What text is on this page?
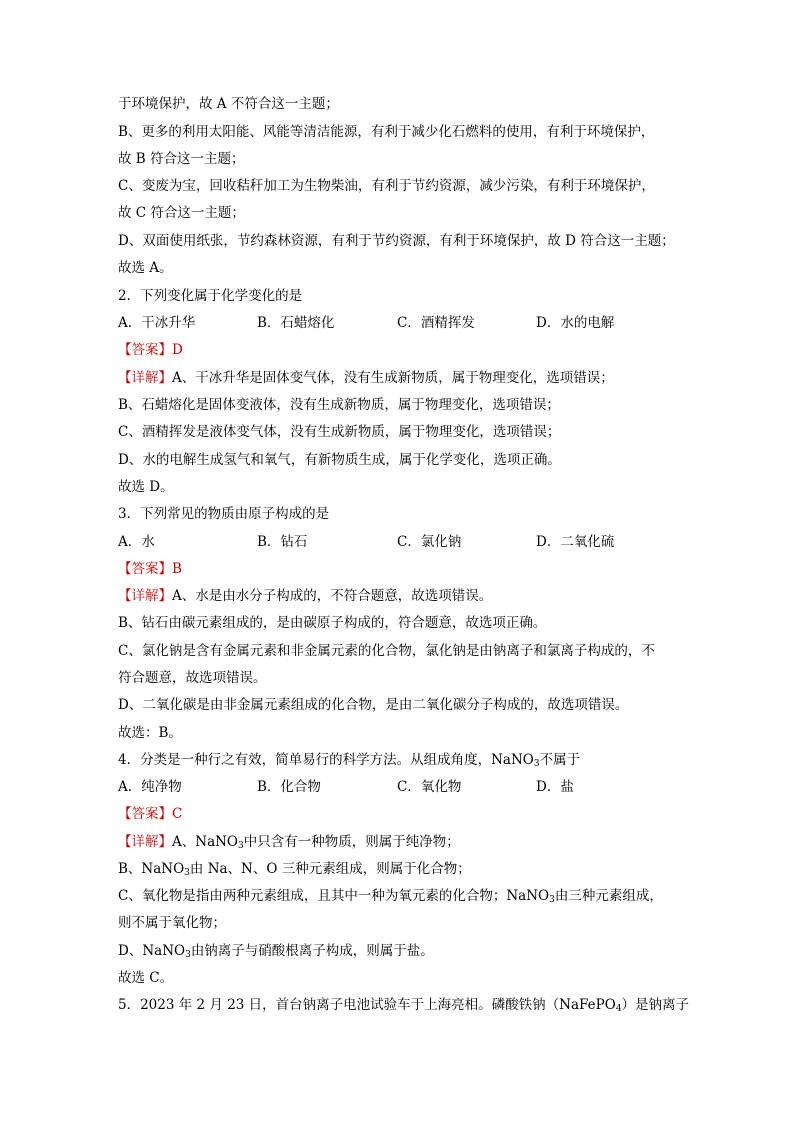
于环境保护，故 A 不符合这一主题；
B、更多的利用太阳能、风能等清洁能源，有利于减少化石燃料的使用，有利于环境保护，
故 B 符合这一主题；
C、变废为宝，回收秸秆加工为生物柴油，有利于节约资源，减少污染，有利于环境保护，
故 C 符合这一主题；
D、双面使用纸张，节约森林资源，有利于节约资源，有利于环境保护，故 D 符合这一主题；
故选 A。
2．下列变化属于化学变化的是
A．干冰升华	B．石蜡熔化	C．酒精挥发	D．水的电解
【答案】D
【详解】A、干冰升华是固体变气体，没有生成新物质，属于物理变化，选项错误；
B、石蜡熔化是固体变液体，没有生成新物质，属于物理变化，选项错误；
C、酒精挥发是液体变气体，没有生成新物质，属于物理变化，选项错误；
D、水的电解生成氢气和氧气，有新物质生成，属于化学变化，选项正确。
故选 D。
3．下列常见的物质由原子构成的是
A．水	B．钻石	C．氯化钠	D．二氧化硫
【答案】B
【详解】A、水是由水分子构成的，不符合题意，故选项错误。
B、钻石由碳元素组成的，是由碳原子构成的，符合题意，故选项正确。
C、氯化钠是含有金属元素和非金属元素的化合物，氯化钠是由钠离子和氯离子构成的，不
符合题意，故选项错误。
D、二氧化碳是由非金属元素组成的化合物，是由二氧化碳分子构成的，故选项错误。
故选：B。
4．分类是一种行之有效，简单易行的科学方法。从组成角度，NaNO$_3$不属于
A．纯净物	B．化合物	C．氧化物	D．盐
【答案】C
【详解】A、NaNO$_3$中只含有一种物质，则属于纯净物；
B、NaNO$_3$由 Na、N、O 三种元素组成，则属于化合物；
C、氧化物是指由两种元素组成，且其中一种为氧元素的化合物；NaNO$_3$由三种元素组成，
则不属于氧化物；
D、NaNO$_3$由钠离子与硝酸根离子构成，则属于盐。
故选 C。
5．2023 年 2 月 23 日，首台钠离子电池试验车于上海亮相。磷酸铁钠（NaFePO$_4$）是钠离子
